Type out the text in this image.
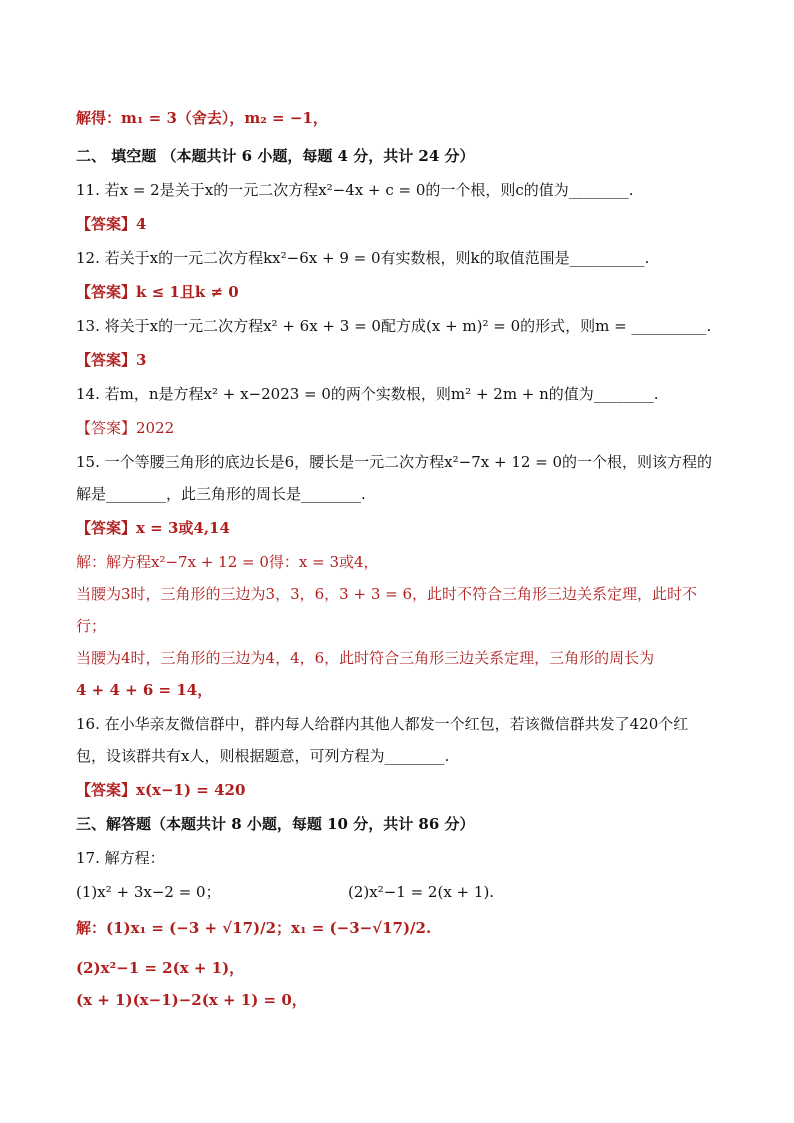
解得：m₁ = 3（舍去），m₂ = −1，
二、 填空题 （本题共计 6 小题，每题 4 分，共计 24 分）
11. 若x = 2是关于x的一元二次方程x²−4x + c = 0的一个根，则c的值为________.
【答案】4
12. 若关于x的一元二次方程kx²−6x + 9 = 0有实数根，则k的取值范围是__________.
【答案】k ≤ 1且k ≠ 0
13. 将关于x的一元二次方程x² + 6x + 3 = 0配方成(x + m)² = 0的形式，则m = __________.
【答案】3
14. 若m，n是方程x² + x−2023 = 0的两个实数根，则m² + 2m + n的值为________.
【答案】2022
15. 一个等腰三角形的底边长是6，腰长是一元二次方程x²−7x + 12 = 0的一个根，则该方程的
解是________，此三角形的周长是________.
【答案】x = 3或4,14
解：解方程x²−7x + 12 = 0得：x = 3或4，
当腰为3时，三角形的三边为3，3，6，3 + 3 = 6，此时不符合三角形三边关系定理，此时不
行；
当腰为4时，三角形的三边为4，4，6，此时符合三角形三边关系定理，三角形的周长为
4 + 4 + 6 = 14，
16. 在小华亲友微信群中，群内每人给群内其他人都发一个红包，若该微信群共发了420个红
包，设该群共有x人，则根据题意，可列方程为________.
【答案】x(x−1) = 420
三、解答题（本题共计 8 小题，每题 10 分，共计 86 分）
17. 解方程：
(1)x² + 3x−2 = 0；	(2)x²−1 = 2(x + 1).
解：(1)x₁ = (−3 + √17)/2；x₁ = (−3−√17)/2.
(2)x²−1 = 2(x + 1)，
(x + 1)(x−1)−2(x + 1) = 0，
